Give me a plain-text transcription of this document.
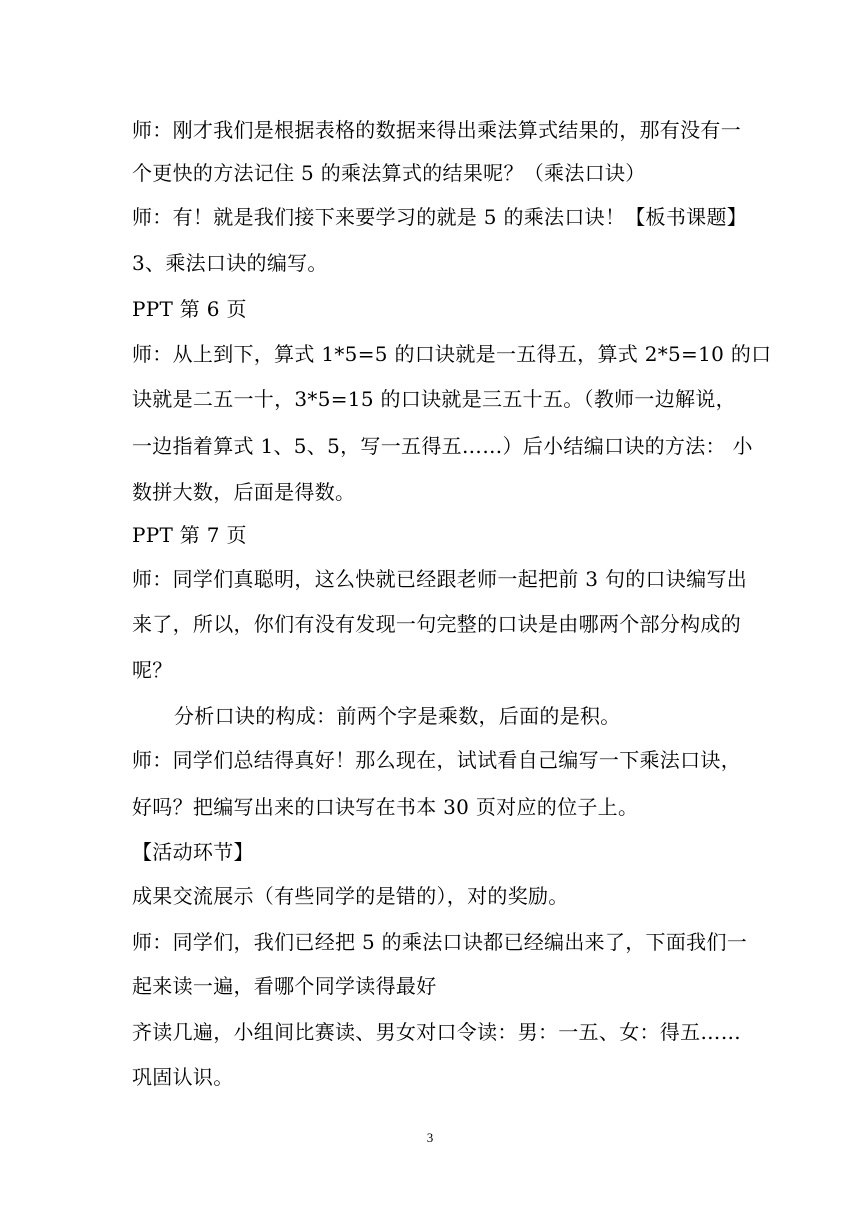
师：刚才我们是根据表格的数据来得出乘法算式结果的，那有没有一
个更快的方法记住 5 的乘法算式的结果呢？（乘法口诀）
师：有！就是我们接下来要学习的就是 5 的乘法口诀！【板书课题】
3、乘法口诀的编写。
PPT 第 6 页
师：从上到下，算式 1*5=5 的口诀就是一五得五，算式 2*5=10 的口
诀就是二五一十，3*5=15 的口诀就是三五十五。（教师一边解说，
一边指着算式 1、5、5，写一五得五……）后小结编口诀的方法： 小
数拼大数，后面是得数。
PPT 第 7 页
师：同学们真聪明，这么快就已经跟老师一起把前 3 句的口诀编写出
来了，所以，你们有没有发现一句完整的口诀是由哪两个部分构成的
呢？
分析口诀的构成：前两个字是乘数，后面的是积。
师：同学们总结得真好！那么现在，试试看自己编写一下乘法口诀，
好吗？把编写出来的口诀写在书本 30 页对应的位子上。
【活动环节】
成果交流展示（有些同学的是错的），对的奖励。
师：同学们，我们已经把 5 的乘法口诀都已经编出来了，下面我们一
起来读一遍，看哪个同学读得最好
齐读几遍，小组间比赛读、男女对口令读：男：一五、女：得五……
巩固认识。
3
